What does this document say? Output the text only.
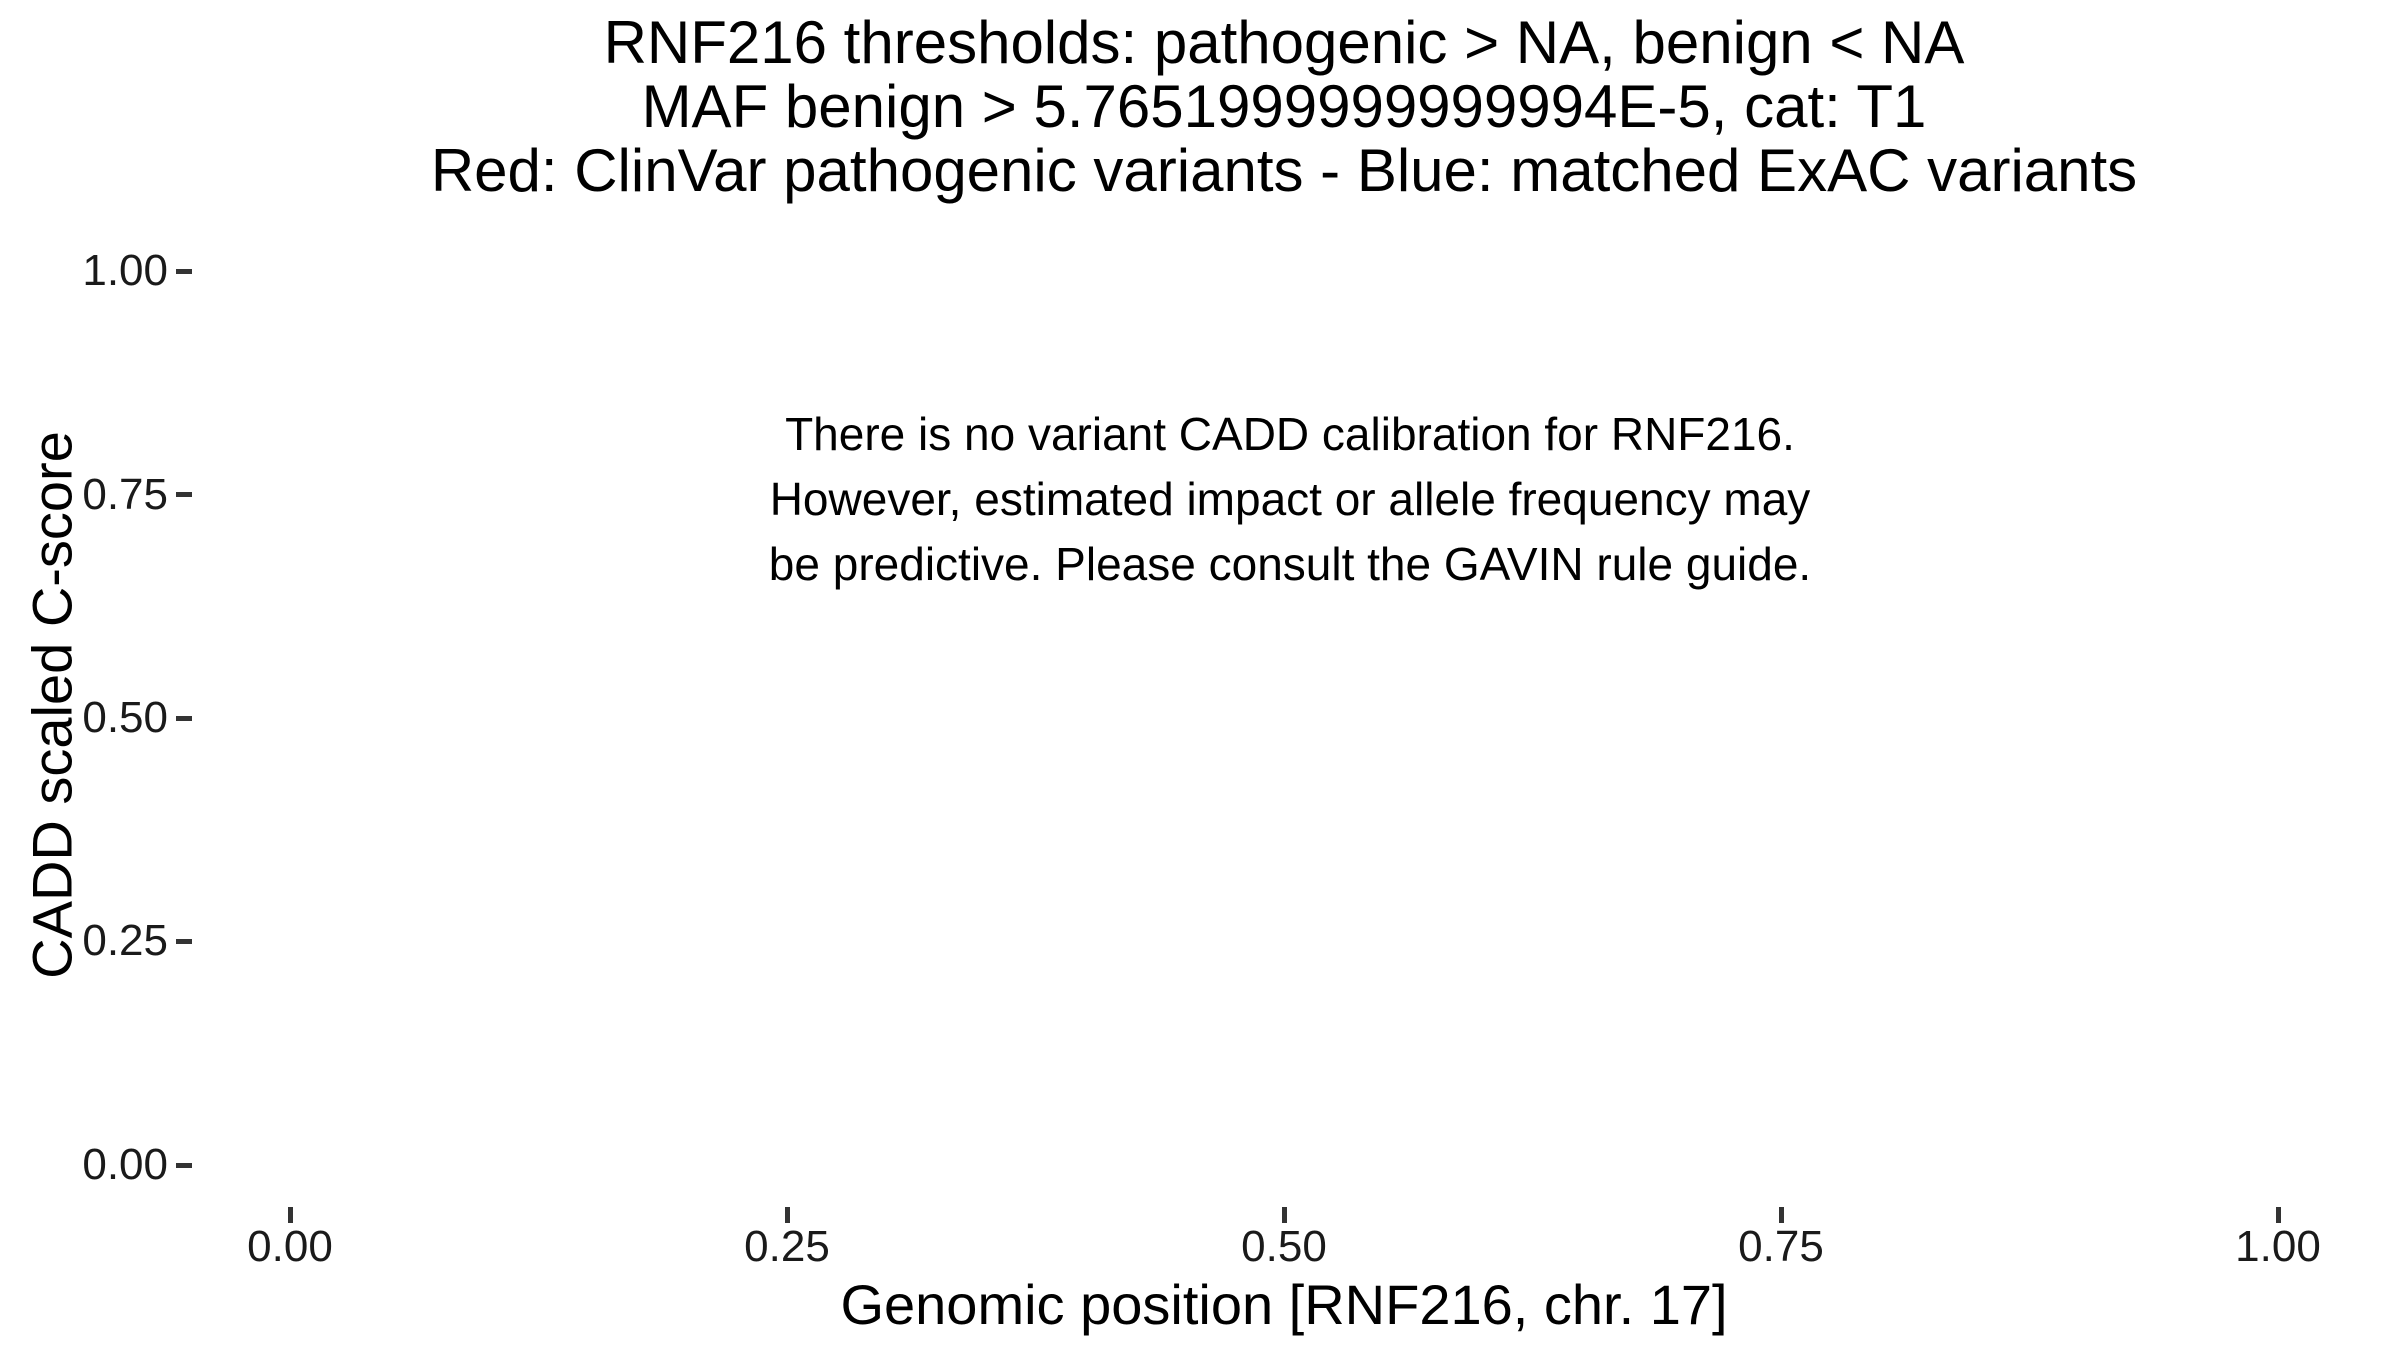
RNF216 thresholds: pathogenic > NA, benign < NA
MAF benign > 5.7651999999999994E-5, cat: T1
Red: ClinVar pathogenic variants - Blue: matched ExAC variants
There is no variant CADD calibration for RNF216.
However, estimated impact or allele frequency may
be predictive. Please consult the GAVIN rule guide.
CADD scaled C-score
1.00
0.75
0.50
0.25
0.00
0.00	0.25	0.50	0.75	1.00
Genomic position [RNF216, chr. 17]
